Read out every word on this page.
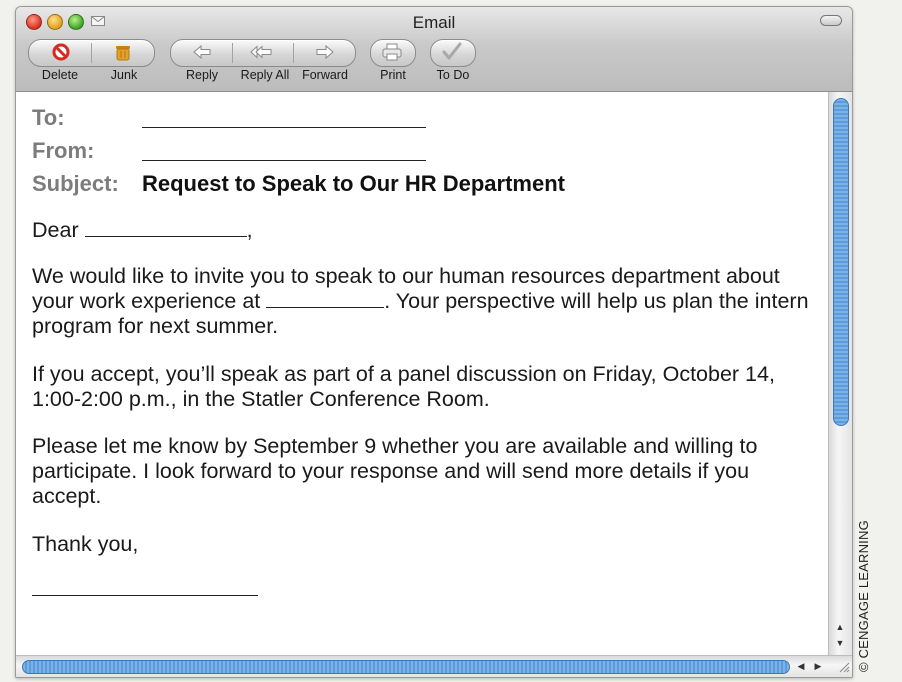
Email
Delete	Junk	Reply	Reply All	Forward	Print	To Do
To:
From:
Subject: Request to Speak to Our HR Department
Dear	,
We would like to invite you to speak to our human resources department about your work experience at	. Your perspective will help us plan the intern program for next summer.
If you accept, you’ll speak as part of a panel discussion on Friday, October 14, 1:00-2:00 p.m., in the Statler Conference Room.
Please let me know by September 9 whether you are available and willing to participate. I look forward to your response and will send more details if you accept.
Thank you,
▲
▼
◀	▶	© CENGAGE LEARNING
